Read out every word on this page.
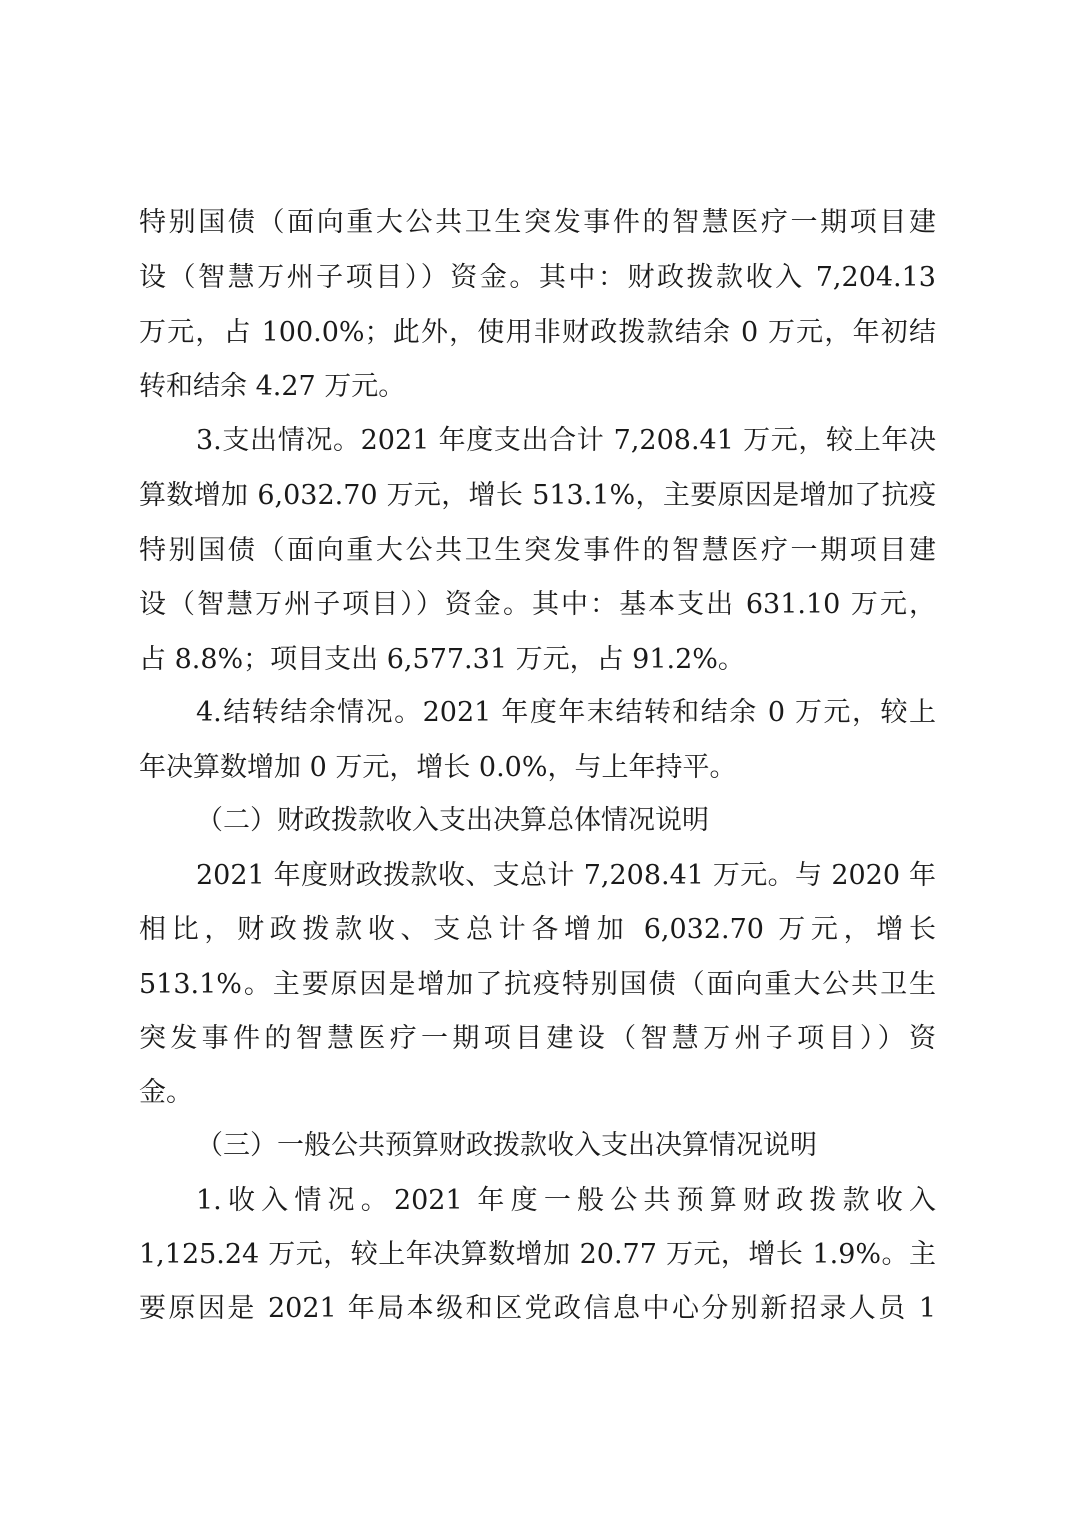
特别国债（面向重大公共卫生突发事件的智慧医疗一期项目建
设（智慧万州子项目））资金。其中：财政拨款收入 7,204.13
万元，占 100.0%；此外，使用非财政拨款结余 0 万元，年初结
转和结余 4.27 万元。
3.支出情况。2021 年度支出合计 7,208.41 万元，较上年决
算数增加 6,032.70 万元，增长 513.1%，主要原因是增加了抗疫
特别国债（面向重大公共卫生突发事件的智慧医疗一期项目建
设（智慧万州子项目））资金。其中：基本支出 631.10 万元，
占 8.8%；项目支出 6,577.31 万元，占 91.2%。
4.结转结余情况。2021 年度年末结转和结余 0 万元，较上
年决算数增加 0 万元，增长 0.0%，与上年持平。
（二）财政拨款收入支出决算总体情况说明
2021 年度财政拨款收、支总计 7,208.41 万元。与 2020 年
相比，财政拨款收、支总计各增加 6,032.70 万元，增长
513.1%。主要原因是增加了抗疫特别国债（面向重大公共卫生
突发事件的智慧医疗一期项目建设（智慧万州子项目））资
金。
（三）一般公共预算财政拨款收入支出决算情况说明
1.收入情况。2021 年度一般公共预算财政拨款收入
1,125.24 万元，较上年决算数增加 20.77 万元，增长 1.9%。主
要原因是 2021 年局本级和区党政信息中心分别新招录人员 1
